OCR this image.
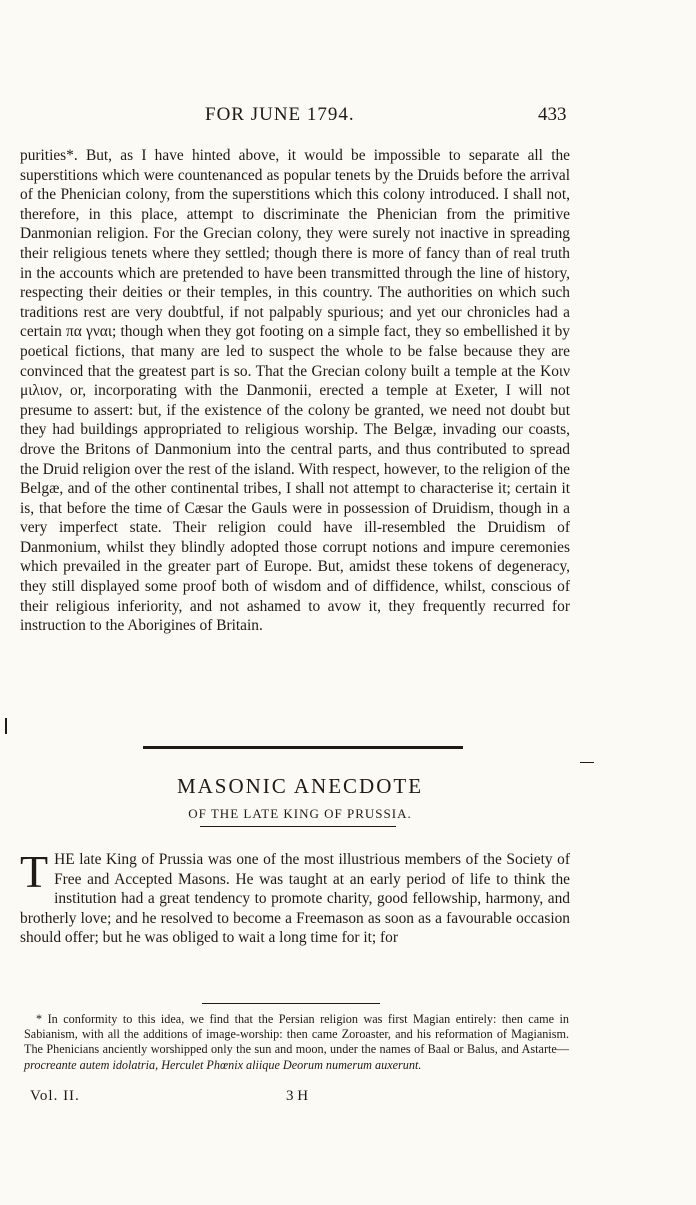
FOR JUNE 1794.	433

purities*. But, as I have hinted above, it would be impossible to separate all the superstitions which were countenanced as popular tenets by the Druids before the arrival of the Phenician colony, from the superstitions which this colony introduced. I shall not, therefore, in this place, attempt to discriminate the Phenician from the primitive Danmonian religion. For the Grecian colony, they were surely not inactive in spreading their religious tenets where they settled; though there is more of fancy than of real truth in the accounts which are pretended to have been transmitted through the line of history, respecting their deities or their temples, in this country. The authorities on which such traditions rest are very doubtful, if not palpably spurious; and yet our chronicles had a certain πα γναι; though when they got footing on a simple fact, they so embellished it by poetical fictions, that many are led to suspect the whole to be false because they are convinced that the greatest part is so. That the Grecian colony built a temple at the Κοιν μιλιον, or, incorporating with the Danmonii, erected a temple at Exeter, I will not presume to assert: but, if the existence of the colony be granted, we need not doubt but they had buildings appropriated to religious worship. The Belgæ, invading our coasts, drove the Britons of Danmonium into the central parts, and thus contributed to spread the Druid religion over the rest of the island. With respect, however, to the religion of the Belgæ, and of the other continental tribes, I shall not attempt to characterise it; certain it is, that before the time of Cæsar the Gauls were in possession of Druidism, though in a very imperfect state. Their religion could have ill-resembled the Druidism of Danmonium, whilst they blindly adopted those corrupt notions and impure ceremonies which prevailed in the greater part of Europe. But, amidst these tokens of degeneracy, they still displayed some proof both of wisdom and of diffidence, whilst, conscious of their religious inferiority, and not ashamed to avow it, they frequently recurred for instruction to the Aborigines of Britain.

MASONIC ANECDOTE
OF THE LATE KING OF PRUSSIA.

THE late King of Prussia was one of the most illustrious members of the Society of Free and Accepted Masons. He was taught at an early period of life to think the institution had a great tendency to promote charity, good fellowship, harmony, and brotherly love; and he resolved to become a Freemason as soon as a favourable occasion should offer; but he was obliged to wait a long time for it; for

* In conformity to this idea, we find that the Persian religion was first Magian entirely: then came in Sabianism, with all the additions of image-worship: then came Zoroaster, and his reformation of Magianism. The Phenicians anciently worshipped only the sun and moon, under the names of Baal or Balus, and Astarte—procreante autem idolatria, Herculet Phœnix aliique Deorum numerum auxerunt.

Vol. II.	3 H
